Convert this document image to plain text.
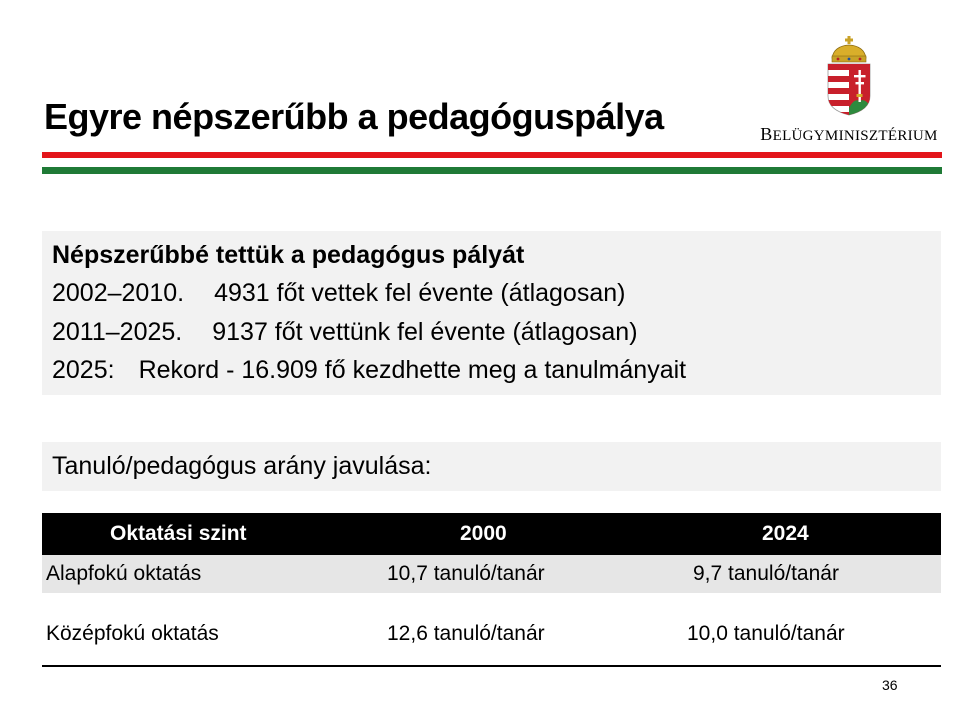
Egyre népszerűbb a pedagóguspálya	BELÜGYMINISZTÉRIUM
Népszerűbbé tettük a pedagógus pályát
2002–2010. 4931 főt vettek fel évente (átlagosan)
2011–2025. 9137 főt vettünk fel évente (átlagosan)
2025: Rekord - 16.909 fő kezdhette meg a tanulmányait
Tanuló/pedagógus arány javulása:
Oktatási szint	2000	2024
Alapfokú oktatás	10,7 tanuló/tanár	9,7 tanuló/tanár
Középfokú oktatás	12,6 tanuló/tanár	10,0 tanuló/tanár
36
